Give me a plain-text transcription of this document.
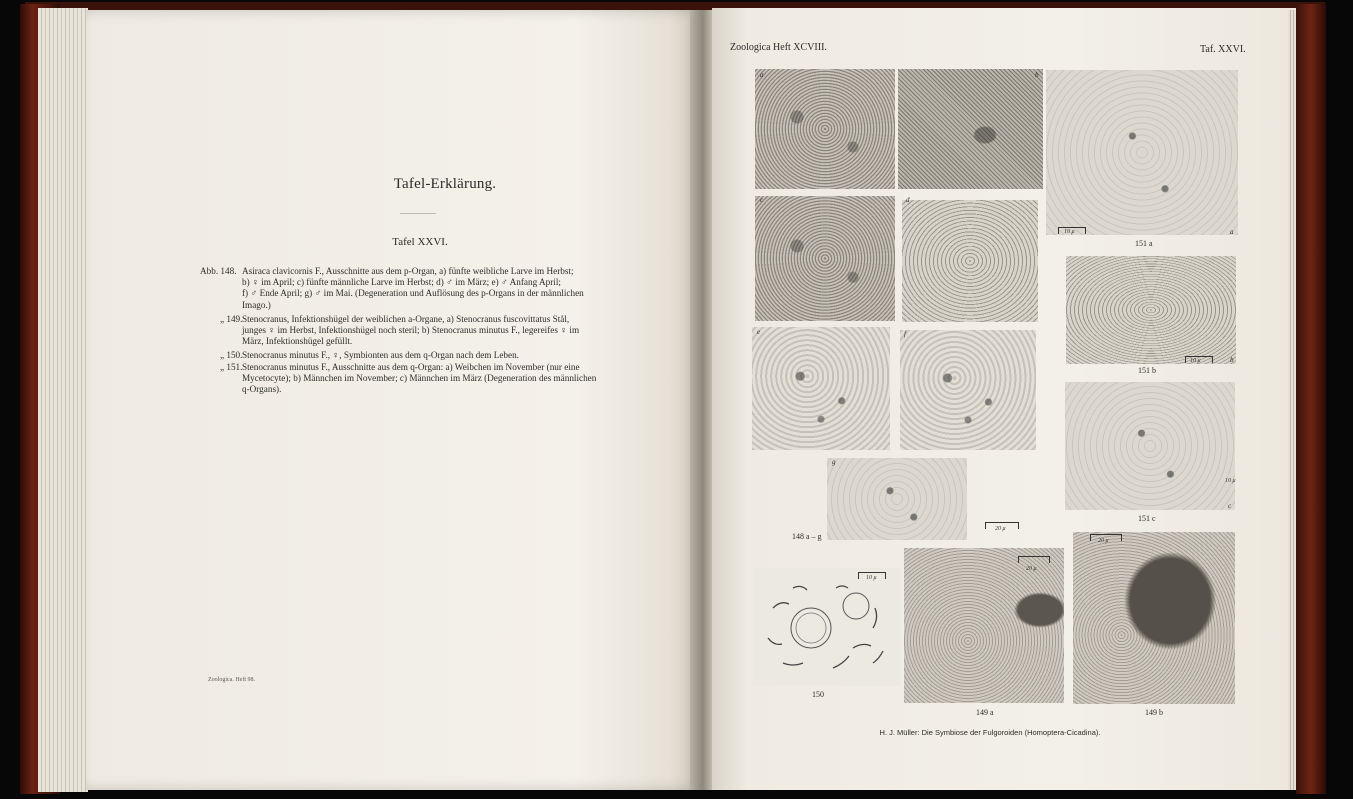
Tafel-Erklärung.
Tafel XXVI.
Abb. 148. Asiraca clavicornis F., Ausschnitte aus dem p-Organ, a) fünfte weibliche Larve im Herbst;
b) ♀ im April; c) fünfte männliche Larve im Herbst; d) ♂ im März; e) ♂ Anfang April;
f) ♂ Ende April; g) ♂ im Mai. (Degeneration und Auflösung des p-Organs in der männlichen
Imago.)
„ 149. Stenocranus, Infektionshügel der weiblichen a-Organe, a) Stenocranus fuscovittatus Stål,
junges ♀ im Herbst, Infektionshügel noch steril; b) Stenocranus minutus F., legereifes ♀ im
März, Infektionshügel gefüllt.
„ 150. Stenocranus minutus F., ♀, Symbionten aus dem q-Organ nach dem Leben.
„ 151. Stenocranus minutus F., Ausschnitte aus dem q-Organ: a) Weibchen im November (nur eine
Mycetocyte); b) Männchen im November; c) Männchen im März (Degeneration des männlichen
q-Organs).
Zoologica. Heft 98.
Zoologica Heft XCVIII.	Taf. XXVI.
a	b
c	d
e	f
g
20 μ
148 a – g
10 μ
151 a
a
10 μ
151 b
b
10 μ
151 c
c
10 μ
150
20 μ
149 a
20 μ
149 b
H. J. Müller: Die Symbiose der Fulgoroiden (Homoptera-Cicadina).
